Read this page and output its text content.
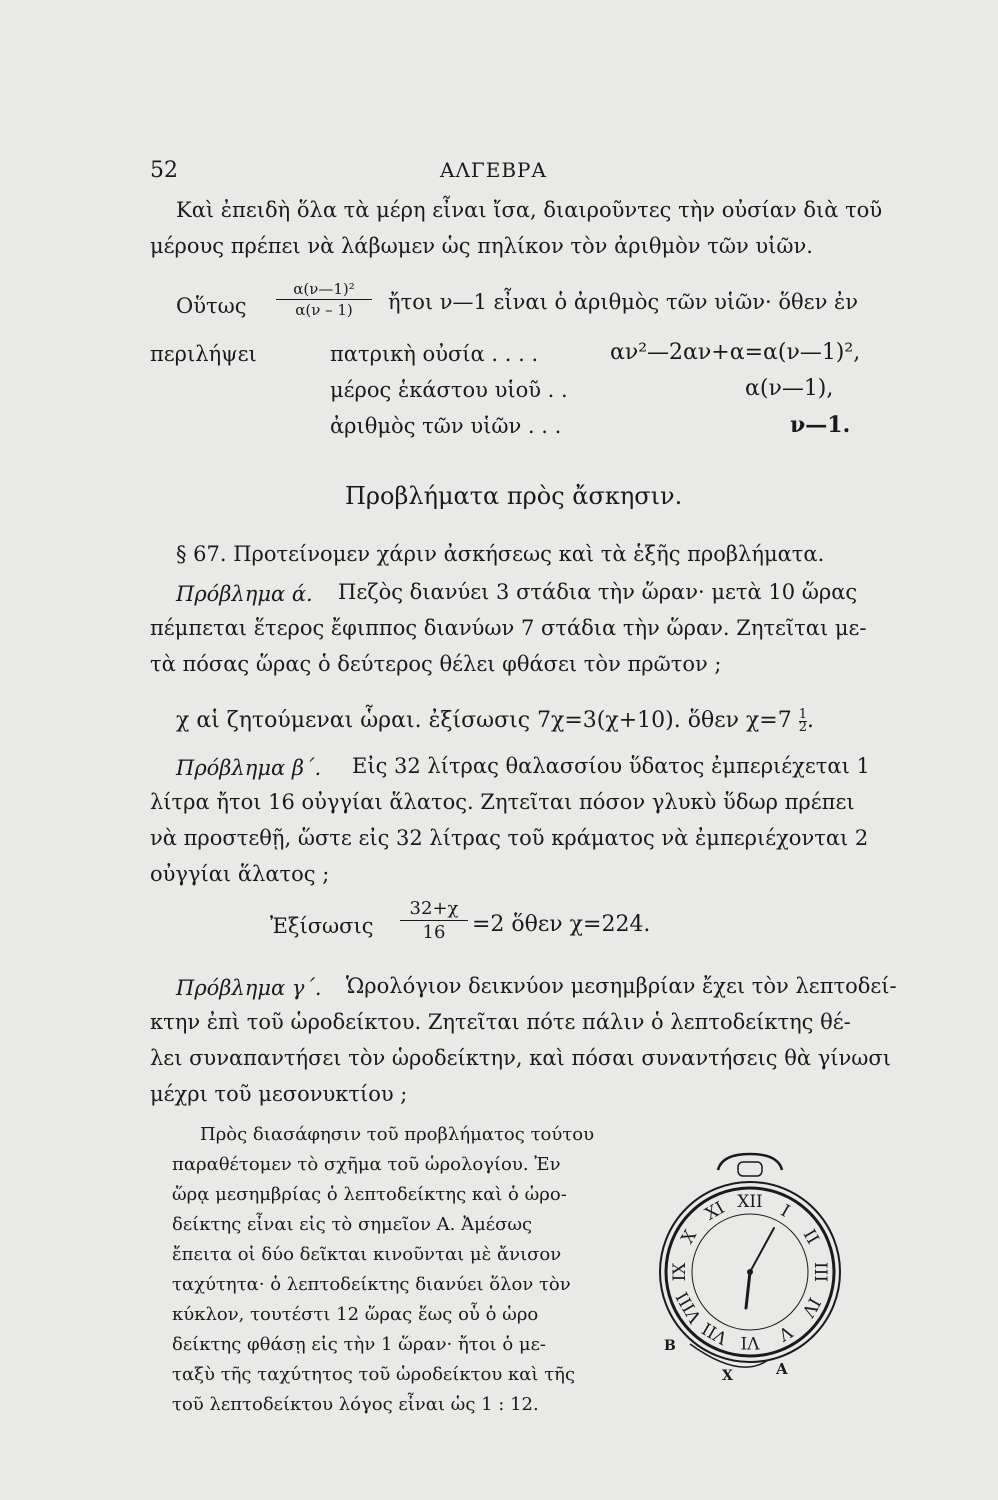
52	ΑΛΓΕΒΡΑ
Καὶ ἐπειδὴ ὅλα τὰ μέρη εἶναι ἴσα, διαιροῦντες τὴν οὐσίαν διὰ τοῦ
μέρους πρέπει νὰ λάβωμεν ὡς πηλίκον τὸν ἀριθμὸν τῶν υἱῶν.
Οὕτως $\frac{\text{α(ν—1)²}}{\alpha(\nu - 1)}$ ἤτοι ν—1 εἶναι ὁ ἀριθμὸς τῶν υἱῶν· ὅθεν ἐν
περιλήψει	πατρικὴ οὐσία . . . .	αν²—2αν+α=α(ν—1)²,
μέρος ἑκάστου υἱοῦ . .	α(ν—1),
ἀριθμὸς τῶν υἱῶν . . .	ν—1.
Προβλήματα πρὸς ἄσκησιν.
§ 67. Προτείνομεν χάριν ἀσκήσεως καὶ τὰ ἑξῆς προβλήματα.
Πρόβλημα ά. Πεζὸς διανύει 3 στάδια τὴν ὥραν· μετὰ 10 ὥρας
πέμπεται ἕτερος ἔφιππος διανύων 7 στάδια τὴν ὥραν. Ζητεῖται με-
τὰ πόσας ὥρας ὁ δεύτερος θέλει φθάσει τὸν πρῶτον ;
χ αἱ ζητούμεναι ὧραι. ἐξίσωσις 7χ=3(χ+10). ὅθεν $\chi=7 \frac{1}{2}$ .
Πρόβλημα β΄. Εἰς 32 λίτρας θαλασσίου ὕδατος ἐμπεριέχεται 1
λίτρα ἤτοι 16 οὐγγίαι ἅλατος. Ζητεῖται πόσον γλυκὺ ὕδωρ πρέπει
νὰ προστεθῇ, ὥστε εἰς 32 λίτρας τοῦ κράματος νὰ ἐμπεριέχονται 2
οὐγγίαι ἅλατος ;
Ἐξίσωσις $\frac{32+\chi}{16} =2$ ὅθεν χ=224.
Πρόβλημα γ΄. Ὡρολόγιον δεικνύον μεσημβρίαν ἔχει τὸν λεπτοδεί-
κτην ἐπὶ τοῦ ὡροδείκτου. Ζητεῖται πότε πάλιν ὁ λεπτοδείκτης θέ-
λει συναπαντήσει τὸν ὡροδείκτην, καὶ πόσαι συναντήσεις θὰ γίνωσι
μέχρι τοῦ μεσονυκτίου ;
Πρὸς διασάφησιν τοῦ προβλήματος τούτου
παραθέτομεν τὸ σχῆμα τοῦ ὡρολογίου. Ἐν
ὥρᾳ μεσημβρίας ὁ λεπτοδείκτης καὶ ὁ ὡρο-
δείκτης εἶναι εἰς τὸ σημεῖον Α. Ἀμέσως
ἔπειτα οἱ δύο δεῖκται κινοῦνται μὲ ἄνισον
ταχύτητα· ὁ λεπτοδείκτης διανύει ὅλον τὸν
κύκλον, τουτέστι 12 ὥρας ἕως οὗ ὁ ὡρο
δείκτης φθάσῃ εἰς τὴν 1 ὥραν· ἤτοι ὁ με-
ταξὺ τῆς ταχύτητος τοῦ ὡροδείκτου καὶ τῆς
τοῦ λεπτοδείκτου λόγος εἶναι ὡς 1 : 12.
XII I
II
III
IV
V
VI
VII
VIII
IX
X
XI
B
X	A
